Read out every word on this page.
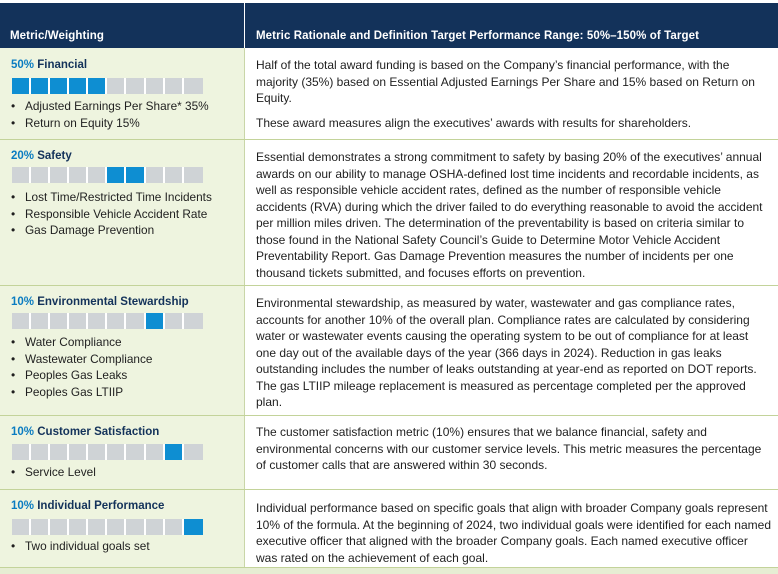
Metric/Weighting	Metric Rationale and Definition Target Performance Range: 50%–150% of Target
50% Financial
• Adjusted Earnings Per Share* 35%
• Return on Equity 15%
Half of the total award funding is based on the Company’s financial performance, with the majority (35%) based on Essential Adjusted Earnings Per Share and 15% based on Return on Equity.
These award measures align the executives’ awards with results for shareholders.
20% Safety
• Lost Time/Restricted Time Incidents
• Responsible Vehicle Accident Rate
• Gas Damage Prevention
Essential demonstrates a strong commitment to safety by basing 20% of the executives’ annual awards on our ability to manage OSHA-defined lost time incidents and recordable incidents, as well as responsible vehicle accident rates, defined as the number of responsible vehicle accidents (RVA) during which the driver failed to do everything reasonable to avoid the accident per million miles driven. The determination of the preventability is based on criteria similar to those found in the National Safety Council’s Guide to Determine Motor Vehicle Accident Preventability Report. Gas Damage Prevention measures the number of incidents per one thousand tickets submitted, and focuses efforts on prevention.
10% Environmental Stewardship
• Water Compliance
• Wastewater Compliance
• Peoples Gas Leaks
• Peoples Gas LTIIP
Environmental stewardship, as measured by water, wastewater and gas compliance rates, accounts for another 10% of the overall plan. Compliance rates are calculated by considering water or wastewater events causing the operating system to be out of compliance for at least one day out of the available days of the year (366 days in 2024). Reduction in gas leaks outstanding includes the number of leaks outstanding at year-end as reported on DOT reports. The gas LTIIP mileage replacement is measured as percentage completed per the approved plan.
10% Customer Satisfaction
• Service Level
The customer satisfaction metric (10%) ensures that we balance financial, safety and environmental concerns with our customer service levels. This metric measures the percentage of customer calls that are answered within 30 seconds.
10% Individual Performance
• Two individual goals set
Individual performance based on specific goals that align with broader Company goals represent 10% of the formula. At the beginning of 2024, two individual goals were identified for each named executive officer that aligned with the broader Company goals. Each named executive officer was rated on the achievement of each goal.
